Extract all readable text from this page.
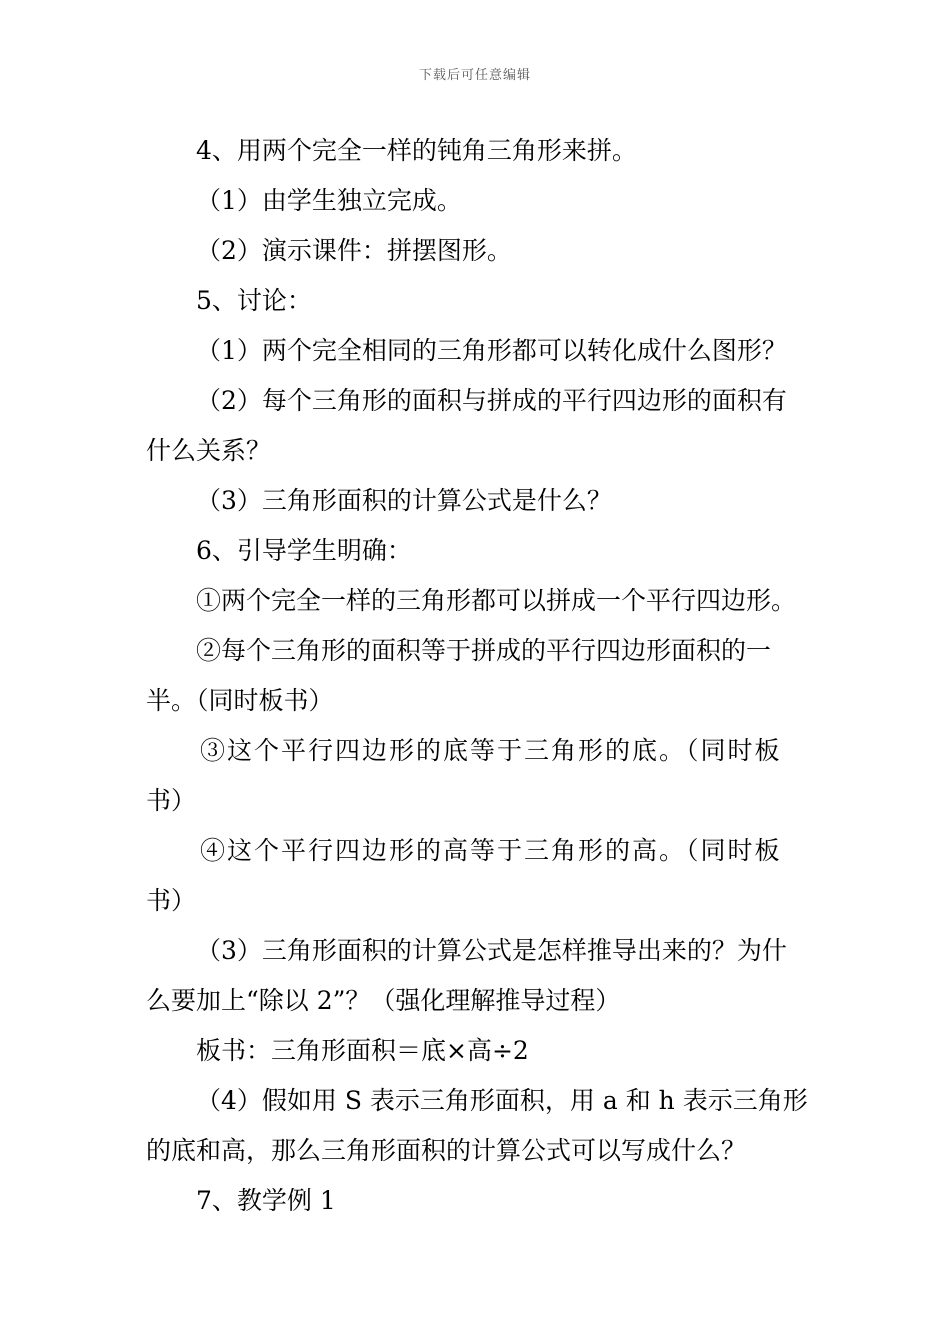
下载后可任意编辑
4、用两个完全一样的钝角三角形来拼。
（1）由学生独立完成。
（2）演示课件：拼摆图形。
5、讨论：
（1）两个完全相同的三角形都可以转化成什么图形？
（2）每个三角形的面积与拼成的平行四边形的面积有
什么关系？
（3）三角形面积的计算公式是什么？
6、引导学生明确：
①两个完全一样的三角形都可以拼成一个平行四边形。
②每个三角形的面积等于拼成的平行四边形面积的一
半。（同时板书）
③这个平行四边形的底等于三角形的底。（同时板
书）
④这个平行四边形的高等于三角形的高。（同时板
书）
（3）三角形面积的计算公式是怎样推导出来的？为什
么要加上“除以 2”？（强化理解推导过程）
板书：三角形面积＝底×高÷2
（4）假如用 S 表示三角形面积，用 a 和 h 表示三角形
的底和高，那么三角形面积的计算公式可以写成什么？
7、教学例 1
